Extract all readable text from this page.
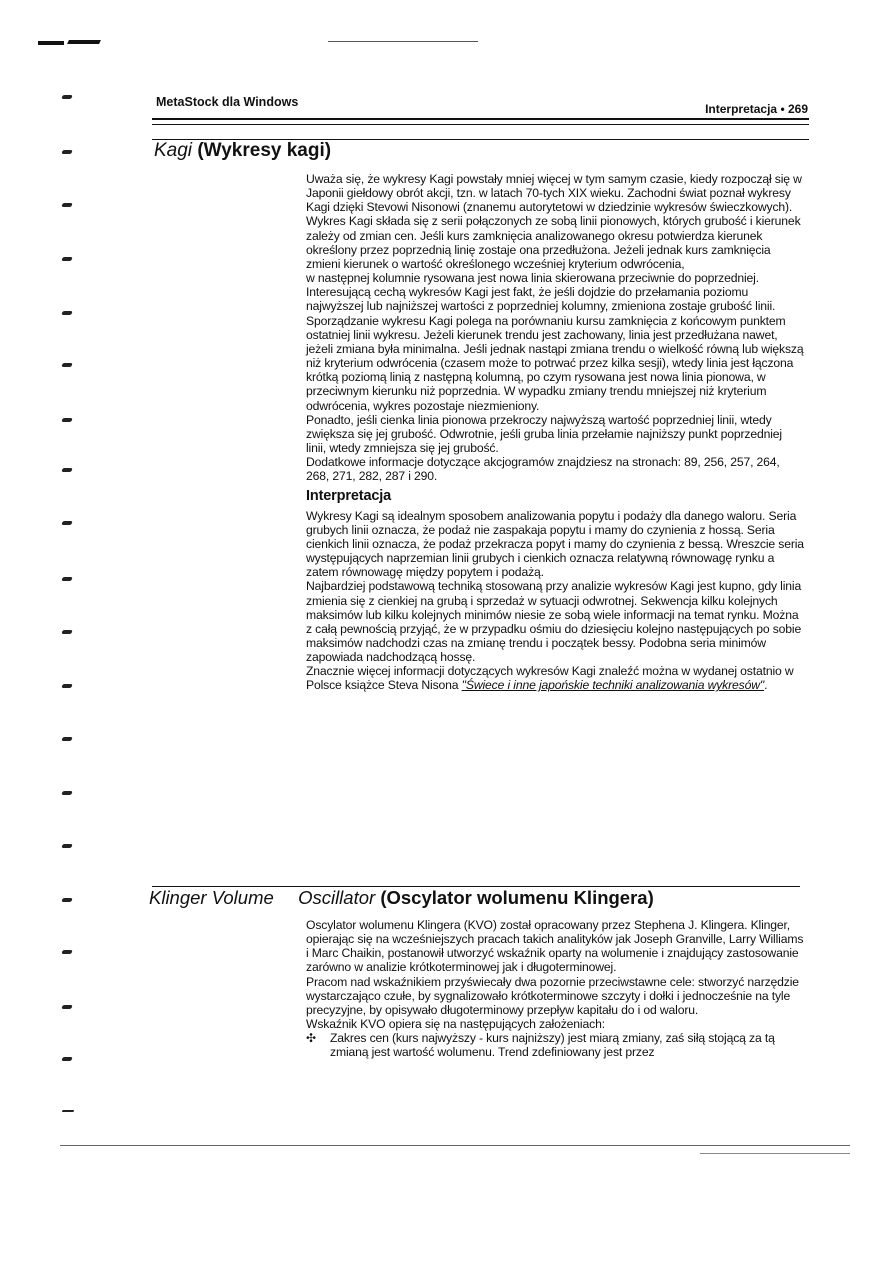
MetaStock dla Windows	Interpretacja • 269
Kagi (Wykresy kagi)

Uważa się, że wykresy Kagi powstały mniej więcej w tym samym czasie, kiedy rozpoczął się w Japonii giełdowy obrót akcji, tzn. w latach 70-tych XIX wieku. Zachodni świat poznał wykresy Kagi dzięki Stevowi Nisonowi (znanemu autorytetowi w dziedzinie wykresów świeczkowych). Wykres Kagi składa się z serii połączonych ze sobą linii pionowych, których grubość i kierunek zależy od zmian cen. Jeśli kurs zamknięcia analizowanego okresu potwierdza kierunek określony przez poprzednią linię zostaje ona przedłużona. Jeżeli jednak kurs zamknięcia zmieni kierunek o wartość określonego wcześniej kryterium odwrócenia,

w następnej kolumnie rysowana jest nowa linia skierowana przeciwnie do poprzedniej. Interesującą cechą wykresów Kagi jest fakt, że jeśli dojdzie do przełamania poziomu najwyższej lub najniższej wartości z poprzedniej kolumny, zmieniona zostaje grubość linii.

Sporządzanie wykresu Kagi polega na porównaniu kursu zamknięcia z końcowym punktem ostatniej linii wykresu. Jeżeli kierunek trendu jest zachowany, linia jest przedłużana nawet, jeżeli zmiana była minimalna. Jeśli jednak nastąpi zmiana trendu o wielkość równą lub większą niż kryterium odwrócenia (czasem może to potrwać przez kilka sesji), wtedy linia jest łączona krótką poziomą linią z następną kolumną, po czym rysowana jest nowa linia pionowa, w przeciwnym kierunku niż poprzednia. W wypadku zmiany trendu mniejszej niż kryterium odwrócenia, wykres pozostaje niezmieniony.

Ponadto, jeśli cienka linia pionowa przekroczy najwyższą wartość poprzedniej linii, wtedy zwiększa się jej grubość. Odwrotnie, jeśli gruba linia przełamie najniższy punkt poprzedniej linii, wtedy zmniejsza się jej grubość.

Dodatkowe informacje dotyczące akcjogramów znajdziesz na stronach: 89, 256, 257, 264, 268, 271, 282, 287 i 290.

Interpretacja

Wykresy Kagi są idealnym sposobem analizowania popytu i podaży dla danego waloru. Seria grubych linii oznacza, że podaż nie zaspakaja popytu i mamy do czynienia z hossą. Seria cienkich linii oznacza, że podaż przekracza popyt i mamy do czynienia z bessą. Wreszcie seria występujących naprzemian linii grubych i cienkich oznacza relatywną równowagę rynku a zatem równowagę między popytem i podażą.

Najbardziej podstawową techniką stosowaną przy analizie wykresów Kagi jest kupno, gdy linia zmienia się z cienkiej na grubą i sprzedaż w sytuacji odwrotnej. Sekwencja kilku kolejnych maksimów lub kilku kolejnych minimów niesie ze sobą wiele informacji na temat rynku. Można z całą pewnością przyjąć, że w przypadku ośmiu do dziesięciu kolejno następujących po sobie maksimów nadchodzi czas na zmianę trendu i początek bessy. Podobna seria minimów zapowiada nadchodzącą hossę.

Znacznie więcej informacji dotyczących wykresów Kagi znaleźć można w wydanej ostatnio w Polsce książce Steva Nisona "Świece i inne japońskie techniki analizowania wykresów".

Klinger Volume Oscillator (Oscylator wolumenu Klingera)

Oscylator wolumenu Klingera (KVO) został opracowany przez Stephena J. Klingera. Klinger, opierając się na wcześniejszych pracach takich analityków jak Joseph Granville, Larry Williams i Marc Chaikin, postanowił utworzyć wskaźnik oparty na wolumenie i znajdujący zastosowanie zarówno w analizie krótkoterminowej jak i długoterminowej.

Pracom nad wskaźnikiem przyświecały dwa pozornie przeciwstawne cele: stworzyć narzędzie wystarczająco czułe, by sygnalizowało krótkoterminowe szczyty i dołki i jednocześnie na tyle precyzyjne, by opisywało długoterminowy przepływ kapitału do i od waloru.

Wskaźnik KVO opiera się na następujących założeniach:

✣	Zakres cen (kurs najwyższy - kurs najniższy) jest miarą zmiany, zaś siłą stojącą za tą zmianą jest wartość wolumenu. Trend zdefiniowany jest przez
